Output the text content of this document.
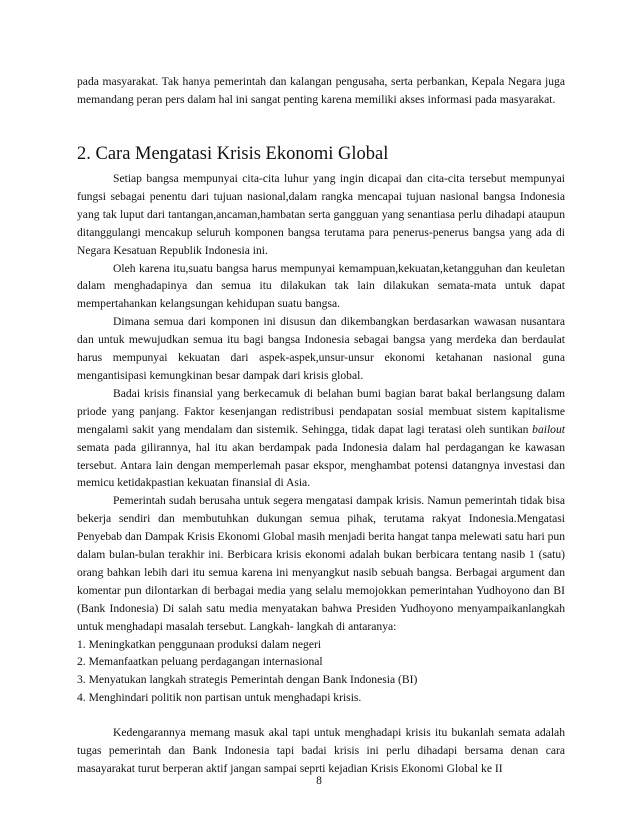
pada masyarakat. Tak hanya pemerintah dan kalangan pengusaha, serta perbankan, Kepala Negara juga memandang peran pers dalam hal ini sangat penting karena memiliki akses informasi pada masyarakat.
2. Cara Mengatasi Krisis Ekonomi Global

Setiap bangsa mempunyai cita-cita luhur yang ingin dicapai dan cita-cita tersebut mempunyai fungsi sebagai penentu dari tujuan nasional,dalam rangka mencapai tujuan nasional bangsa Indonesia yang tak luput dari tantangan,ancaman,hambatan serta gangguan yang senantiasa perlu dihadapi ataupun ditanggulangi mencakup seluruh komponen bangsa terutama para penerus-penerus bangsa yang ada di Negara Kesatuan Republik Indonesia ini.

Oleh karena itu,suatu bangsa harus mempunyai kemampuan,kekuatan,ketangguhan dan keuletan dalam menghadapinya dan semua itu dilakukan tak lain dilakukan semata-mata untuk dapat mempertahankan kelangsungan kehidupan suatu bangsa.

Dimana semua dari komponen ini disusun dan dikembangkan berdasarkan wawasan nusantara dan untuk mewujudkan semua itu bagi bangsa Indonesia sebagai bangsa yang merdeka dan berdaulat harus mempunyai kekuatan dari aspek-aspek,unsur-unsur ekonomi ketahanan nasional guna mengantisipasi kemungkinan besar dampak dari krisis global.

Badai krisis finansial yang berkecamuk di belahan bumi bagian barat bakal berlangsung dalam priode yang panjang. Faktor kesenjangan redistribusi pendapatan sosial membuat sistem kapitalisme mengalami sakit yang mendalam dan sistemik. Sehingga, tidak dapat lagi teratasi oleh suntikan bailout semata pada gilirannya, hal itu akan berdampak pada Indonesia dalam hal perdagangan ke kawasan tersebut. Antara lain dengan memperlemah pasar ekspor, menghambat potensi datangnya investasi dan memicu ketidakpastian kekuatan finansial di Asia.

Pemerintah sudah berusaha untuk segera mengatasi dampak krisis. Namun pemerintah tidak bisa bekerja sendiri dan membutuhkan dukungan semua pihak, terutama rakyat Indonesia.Mengatasi Penyebab dan Dampak Krisis Ekonomi Global masih menjadi berita hangat tanpa melewati satu hari pun dalam bulan-bulan terakhir ini. Berbicara krisis ekonomi adalah bukan berbicara tentang nasib 1 (satu) orang bahkan lebih dari itu semua karena ini menyangkut nasib sebuah bangsa. Berbagai argument dan komentar pun dilontarkan di berbagai media yang selalu memojokkan pemerintahan Yudhoyono dan BI (Bank Indonesia) Di salah satu media menyatakan bahwa Presiden Yudhoyono menyampaikanlangkah untuk menghadapi masalah tersebut. Langkah- langkah di antaranya:

1. Meningkatkan penggunaan produksi dalam negeri
2. Memanfaatkan peluang perdagangan internasional
3. Menyatukan langkah strategis Pemerintah dengan Bank Indonesia (BI)
4. Menghindari politik non partisan untuk menghadapi krisis.

Kedengarannya memang masuk akal tapi untuk menghadapi krisis itu bukanlah semata adalah tugas pemerintah dan Bank Indonesia tapi badai krisis ini perlu dihadapi bersama denan cara masayarakat turut berperan aktif jangan sampai seprti kejadian Krisis Ekonomi Global ke II

8
